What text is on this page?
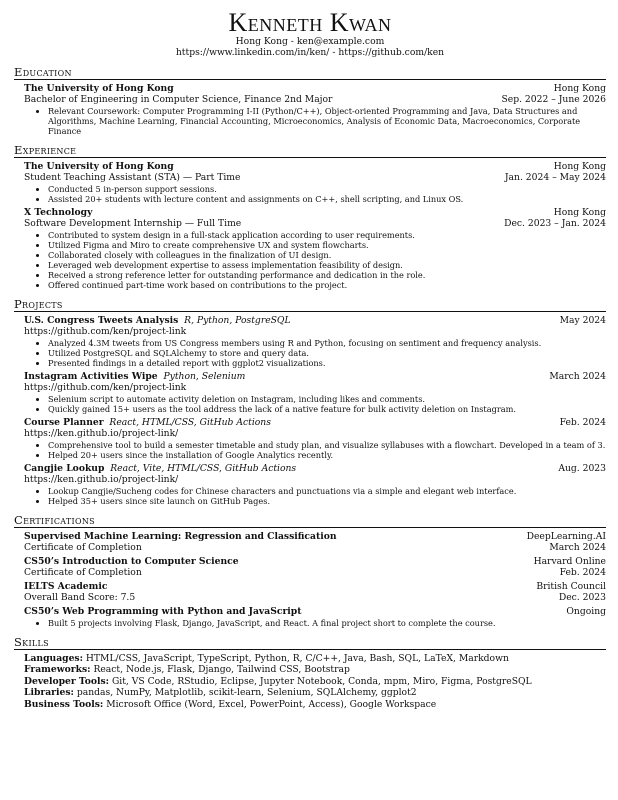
Kenneth Kwan
Hong Kong - ken@example.com
https://www.linkedin.com/in/ken/ - https://github.com/ken
Education
The University of Hong Kong	Hong Kong
Bachelor of Engineering in Computer Science, Finance 2nd Major	Sep. 2022 – June 2026
• Relevant Coursework: Computer Programming I-II (Python/C++), Object-oriented Programming and Java, Data Structures and Algorithms, Machine Learning, Financial Accounting, Microeconomics, Analysis of Economic Data, Macroeconomics, Corporate Finance
Experience
The University of Hong Kong	Hong Kong
Student Teaching Assistant (STA) — Part Time	Jan. 2024 – May 2024
• Conducted 5 in-person support sessions.
• Assisted 20+ students with lecture content and assignments on C++, shell scripting, and Linux OS.
X Technology	Hong Kong
Software Development Internship — Full Time	Dec. 2023 – Jan. 2024
• Contributed to system design in a full-stack application according to user requirements.
• Utilized Figma and Miro to create comprehensive UX and system flowcharts.
• Collaborated closely with colleagues in the finalization of UI design.
• Leveraged web development expertise to assess implementation feasibility of design.
• Received a strong reference letter for outstanding performance and dedication in the role.
• Offered continued part-time work based on contributions to the project.
Projects
U.S. Congress Tweets Analysis R, Python, PostgreSQL	May 2024
https://github.com/ken/project-link
• Analyzed 4.3M tweets from US Congress members using R and Python, focusing on sentiment and frequency analysis.
• Utilized PostgreSQL and SQLAlchemy to store and query data.
• Presented findings in a detailed report with ggplot2 visualizations.
Instagram Activities Wipe Python, Selenium	March 2024
https://github.com/ken/project-link
• Selenium script to automate activity deletion on Instagram, including likes and comments.
• Quickly gained 15+ users as the tool address the lack of a native feature for bulk activity deletion on Instagram.
Course Planner React, HTML/CSS, GitHub Actions	Feb. 2024
https://ken.github.io/project-link/
• Comprehensive tool to build a semester timetable and study plan, and visualize syllabuses with a flowchart. Developed in a team of 3.
• Helped 20+ users since the installation of Google Analytics recently.
Cangjie Lookup React, Vite, HTML/CSS, GitHub Actions	Aug. 2023
https://ken.github.io/project-link/
• Lookup Cangjie/Sucheng codes for Chinese characters and punctuations via a simple and elegant web interface.
• Helped 35+ users since site launch on GitHub Pages.
Certifications
Supervised Machine Learning: Regression and Classification	DeepLearning.AI
Certificate of Completion	March 2024
CS50’s Introduction to Computer Science	Harvard Online
Certificate of Completion	Feb. 2024
IELTS Academic	British Council
Overall Band Score: 7.5	Dec. 2023
CS50’s Web Programming with Python and JavaScript	Ongoing
• Built 5 projects involving Flask, Django, JavaScript, and React. A final project short to complete the course.
Skills
Languages: HTML/CSS, JavaScript, TypeScript, Python, R, C/C++, Java, Bash, SQL, LaTeX, Markdown
Frameworks: React, Node.js, Flask, Django, Tailwind CSS, Bootstrap
Developer Tools: Git, VS Code, RStudio, Eclipse, Jupyter Notebook, Conda, mpm, Miro, Figma, PostgreSQL
Libraries: pandas, NumPy, Matplotlib, scikit-learn, Selenium, SQLAlchemy, ggplot2
Business Tools: Microsoft Office (Word, Excel, PowerPoint, Access), Google Workspace
